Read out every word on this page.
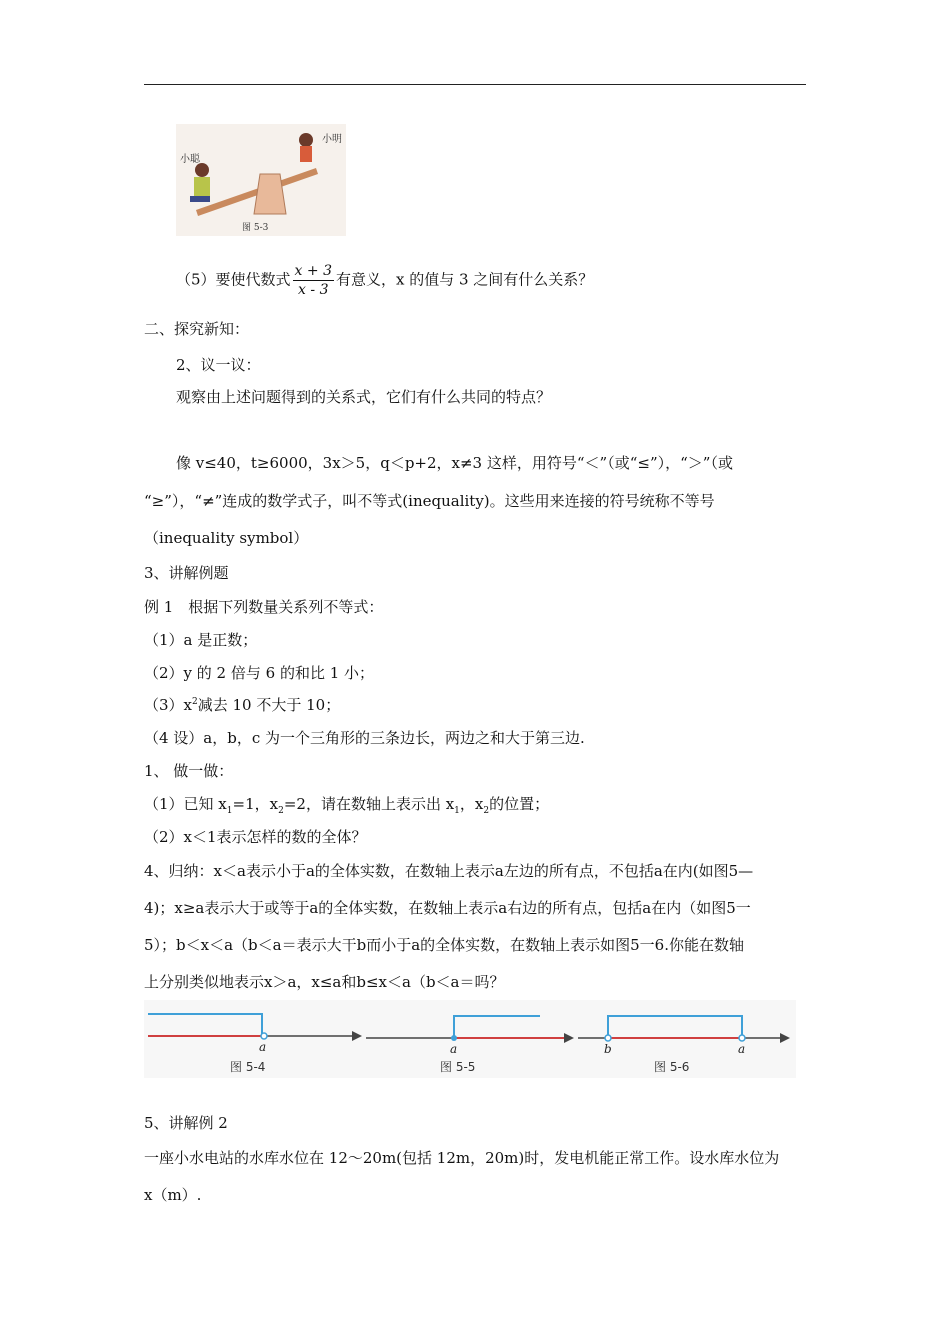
小聪
小明
图 5-3
（5）要使代数式 $\frac{x + 3}{x - 3}$ 有意义，x 的值与 3 之间有什么关系？
二、探究新知：
2、议一议：
观察由上述问题得到的关系式，它们有什么共同的特点？
像 v≤40，t≥6000，3x＞5，q＜p+2，x≠3 这样，用符号“＜”（或“≤”），“＞”（或
“≥”），“≠”连成的数学式子，叫不等式(inequality)。这些用来连接的符号统称不等号
（inequality symbol）
3、讲解例题
例 1　根据下列数量关系列不等式：
（1）a 是正数；
（2）y 的 2 倍与 6 的和比 1 小；
$(3)x^2$减去 10 不大于 10；
（4 设）a，b，c 为一个三角形的三条边长，两边之和大于第三边.
1、 做一做：
（1）已知 $x_1=1$，$x_2=2$，请在数轴上表示出 $x_1$，$x_2$的位置；
（2）x＜1表示怎样的数的全体？
4、归纳：x＜a表示小于a的全体实数，在数轴上表示a左边的所有点，不包括a在内(如图5—
4)；x≥a表示大于或等于a的全体实数，在数轴上表示a右边的所有点，包括a在内（如图5一
5）；b＜x＜a（b＜a＝表示大干b而小于a的全体实数，在数轴上表示如图5一6.你能在数轴
上分别类似地表示x＞a，x≤a和b≤x＜a（b＜a＝吗？
a	a	b	a
图 5-4	图 5-5	图 5-6
5、讲解例 2
一座小水电站的水库水位在 12～20m(包括 12m，20m)时，发电机能正常工作。设水库水位为
x（m）.
